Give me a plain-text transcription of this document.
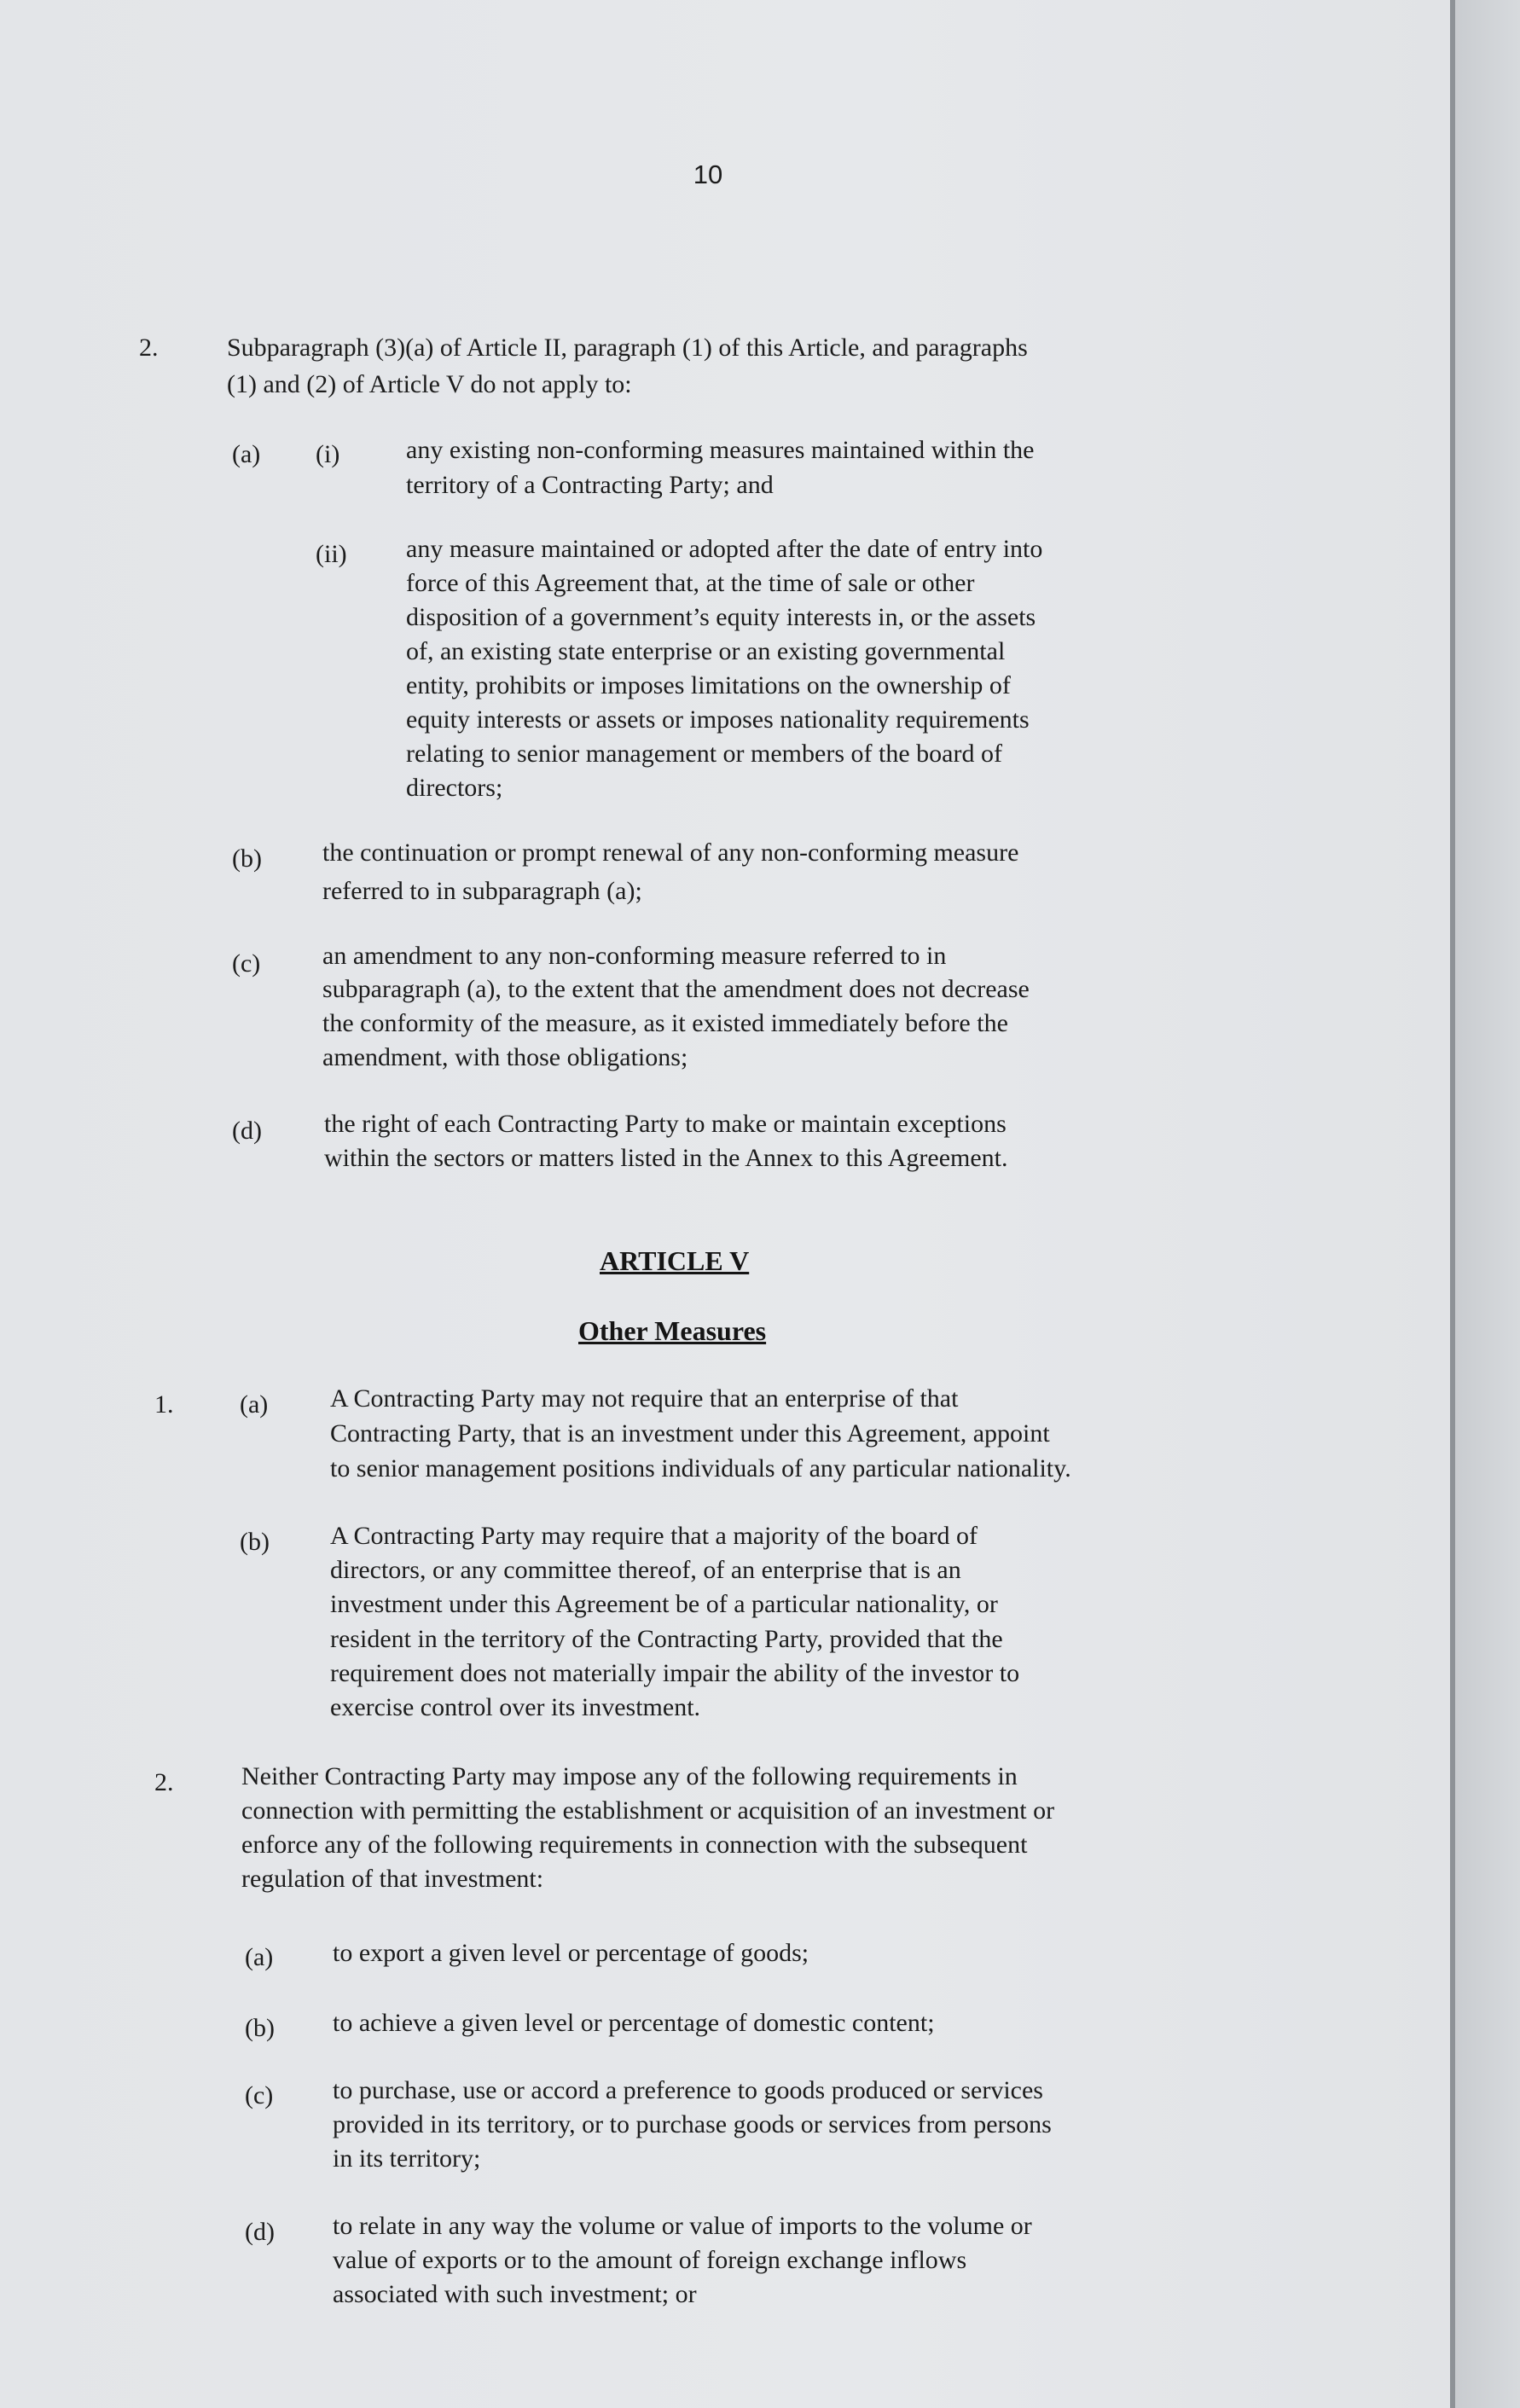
10
2.	Subparagraph (3)(a) of Article II, paragraph (1) of this Article, and paragraphs
(1) and (2) of Article V do not apply to:
(a) (i)	any existing non-conforming measures maintained within the
territory of a Contracting Party; and
(ii) any measure maintained or adopted after the date of entry into
force of this Agreement that, at the time of sale or other
disposition of a government’s equity interests in, or the assets
of, an existing state enterprise or an existing governmental
entity, prohibits or imposes limitations on the ownership of
equity interests or assets or imposes nationality requirements
relating to senior management or members of the board of
directors;
(b) the continuation or prompt renewal of any non-conforming measure
referred to in subparagraph (a);
(c) an amendment to any non-conforming measure referred to in
subparagraph (a), to the extent that the amendment does not decrease
the conformity of the measure, as it existed immediately before the
amendment, with those obligations;
(d) the right of each Contracting Party to make or maintain exceptions
within the sectors or matters listed in the Annex to this Agreement.
ARTICLE V
Other Measures
1.	(a) A Contracting Party may not require that an enterprise of that
Contracting Party, that is an investment under this Agreement, appoint
to senior management positions individuals of any particular nationality.
(b) A Contracting Party may require that a majority of the board of
directors, or any committee thereof, of an enterprise that is an
investment under this Agreement be of a particular nationality, or
resident in the territory of the Contracting Party, provided that the
requirement does not materially impair the ability of the investor to
exercise control over its investment.
2.	Neither Contracting Party may impose any of the following requirements in
connection with permitting the establishment or acquisition of an investment or
enforce any of the following requirements in connection with the subsequent
regulation of that investment:
(a) to export a given level or percentage of goods;
(b) to achieve a given level or percentage of domestic content;
(c) to purchase, use or accord a preference to goods produced or services
provided in its territory, or to purchase goods or services from persons
in its territory;
(d) to relate in any way the volume or value of imports to the volume or
value of exports or to the amount of foreign exchange inflows
associated with such investment; or
